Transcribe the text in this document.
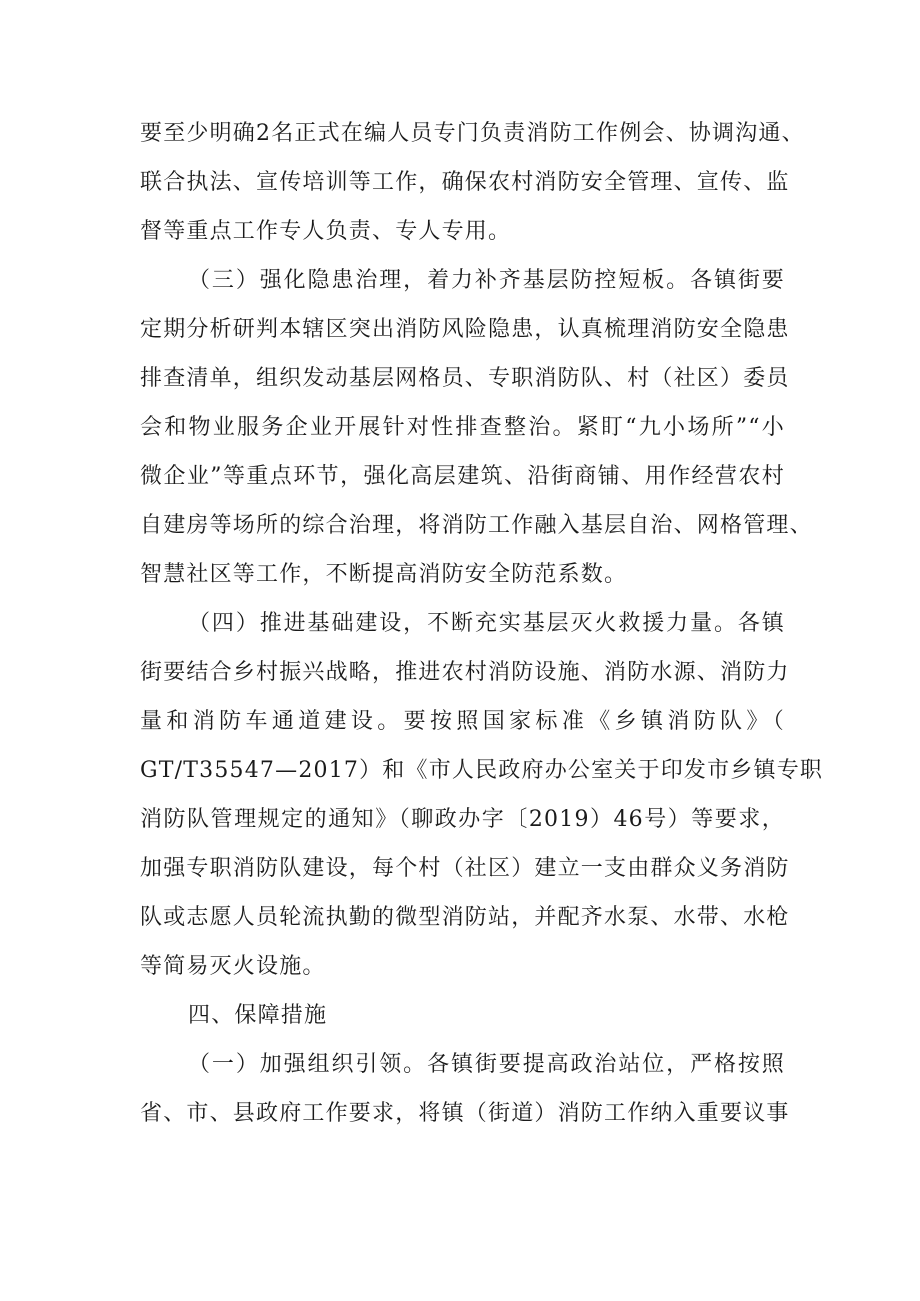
要至少明确2名正式在编人员专门负责消防工作例会、协调沟通、
联合执法、宣传培训等工作，确保农村消防安全管理、宣传、监
督等重点工作专人负责、专人专用。
（三）强化隐患治理，着力补齐基层防控短板。各镇街要
定期分析研判本辖区突出消防风险隐患，认真梳理消防安全隐患
排查清单，组织发动基层网格员、专职消防队、村（社区）委员
会和物业服务企业开展针对性排查整治。紧盯“九小场所”“小
微企业”等重点环节，强化高层建筑、沿街商铺、用作经营农村
自建房等场所的综合治理，将消防工作融入基层自治、网格管理、
智慧社区等工作，不断提高消防安全防范系数。
（四）推进基础建设，不断充实基层灭火救援力量。各镇
街要结合乡村振兴战略，推进农村消防设施、消防水源、消防力
量和消防车通道建设。要按照国家标准《乡镇消防队》（
GT/T35547—2017）和《市人民政府办公室关于印发市乡镇专职
消防队管理规定的通知》（聊政办字〔2019）46号）等要求，
加强专职消防队建设，每个村（社区）建立一支由群众义务消防
队或志愿人员轮流执勤的微型消防站，并配齐水泵、水带、水枪
等简易灭火设施。
四、保障措施
（一）加强组织引领。各镇街要提高政治站位，严格按照
省、市、县政府工作要求，将镇（街道）消防工作纳入重要议事
